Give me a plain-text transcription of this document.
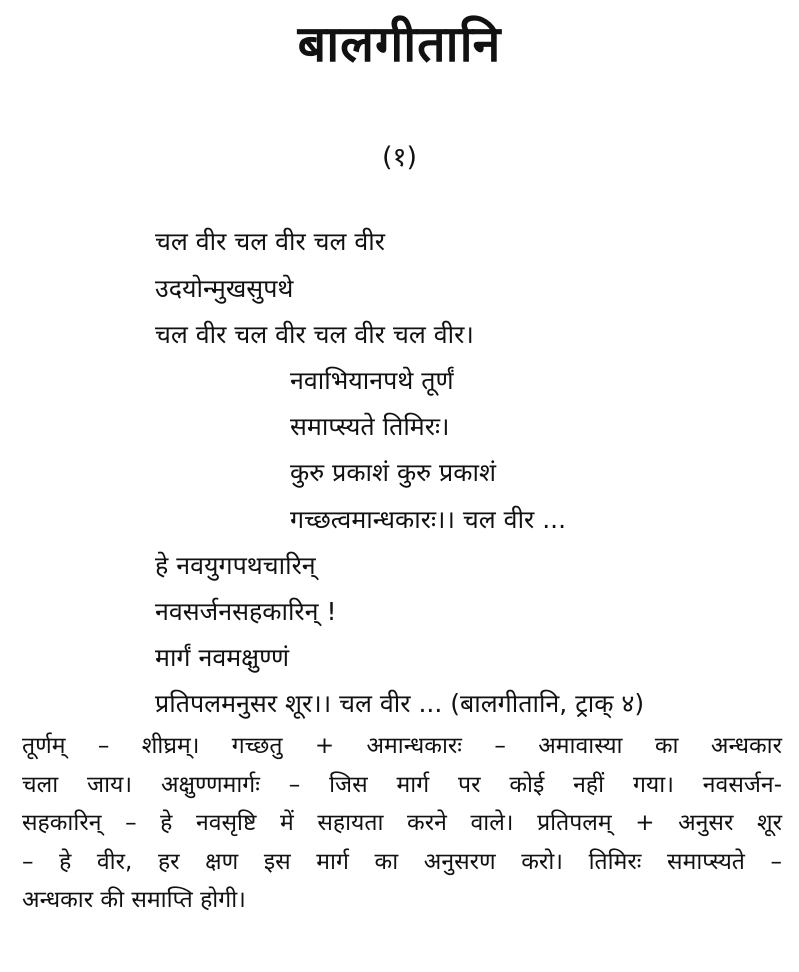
बालगीतानि
(१)
चल वीर चल वीर चल वीर
उदयोन्मुखसुपथे
चल वीर चल वीर चल वीर चल वीर।
नवाभियानपथे तूर्णं
समाप्स्यते तिमिरः।
कुरु प्रकाशं कुरु प्रकाशं
गच्छत्वमान्धकारः।। चल वीर ...
हे नवयुगपथचारिन्
नवसर्जनसहकारिन् !
मार्गं नवमक्षुण्णं
प्रतिपलमनुसर शूर।। चल वीर ... (बालगीतानि, ट्राक् ४)
तूर्णम् – शीघ्रम्। गच्छतु + अमान्धकारः – अमावास्या का अन्धकार
चला जाय। अक्षुण्णमार्गः – जिस मार्ग पर कोई नहीं गया। नवसर्जन-
सहकारिन् – हे नवसृष्टि में सहायता करने वाले। प्रतिपलम् + अनुसर शूर
– हे वीर, हर क्षण इस मार्ग का अनुसरण करो। तिमिरः समाप्स्यते –
अन्धकार की समाप्ति होगी।
